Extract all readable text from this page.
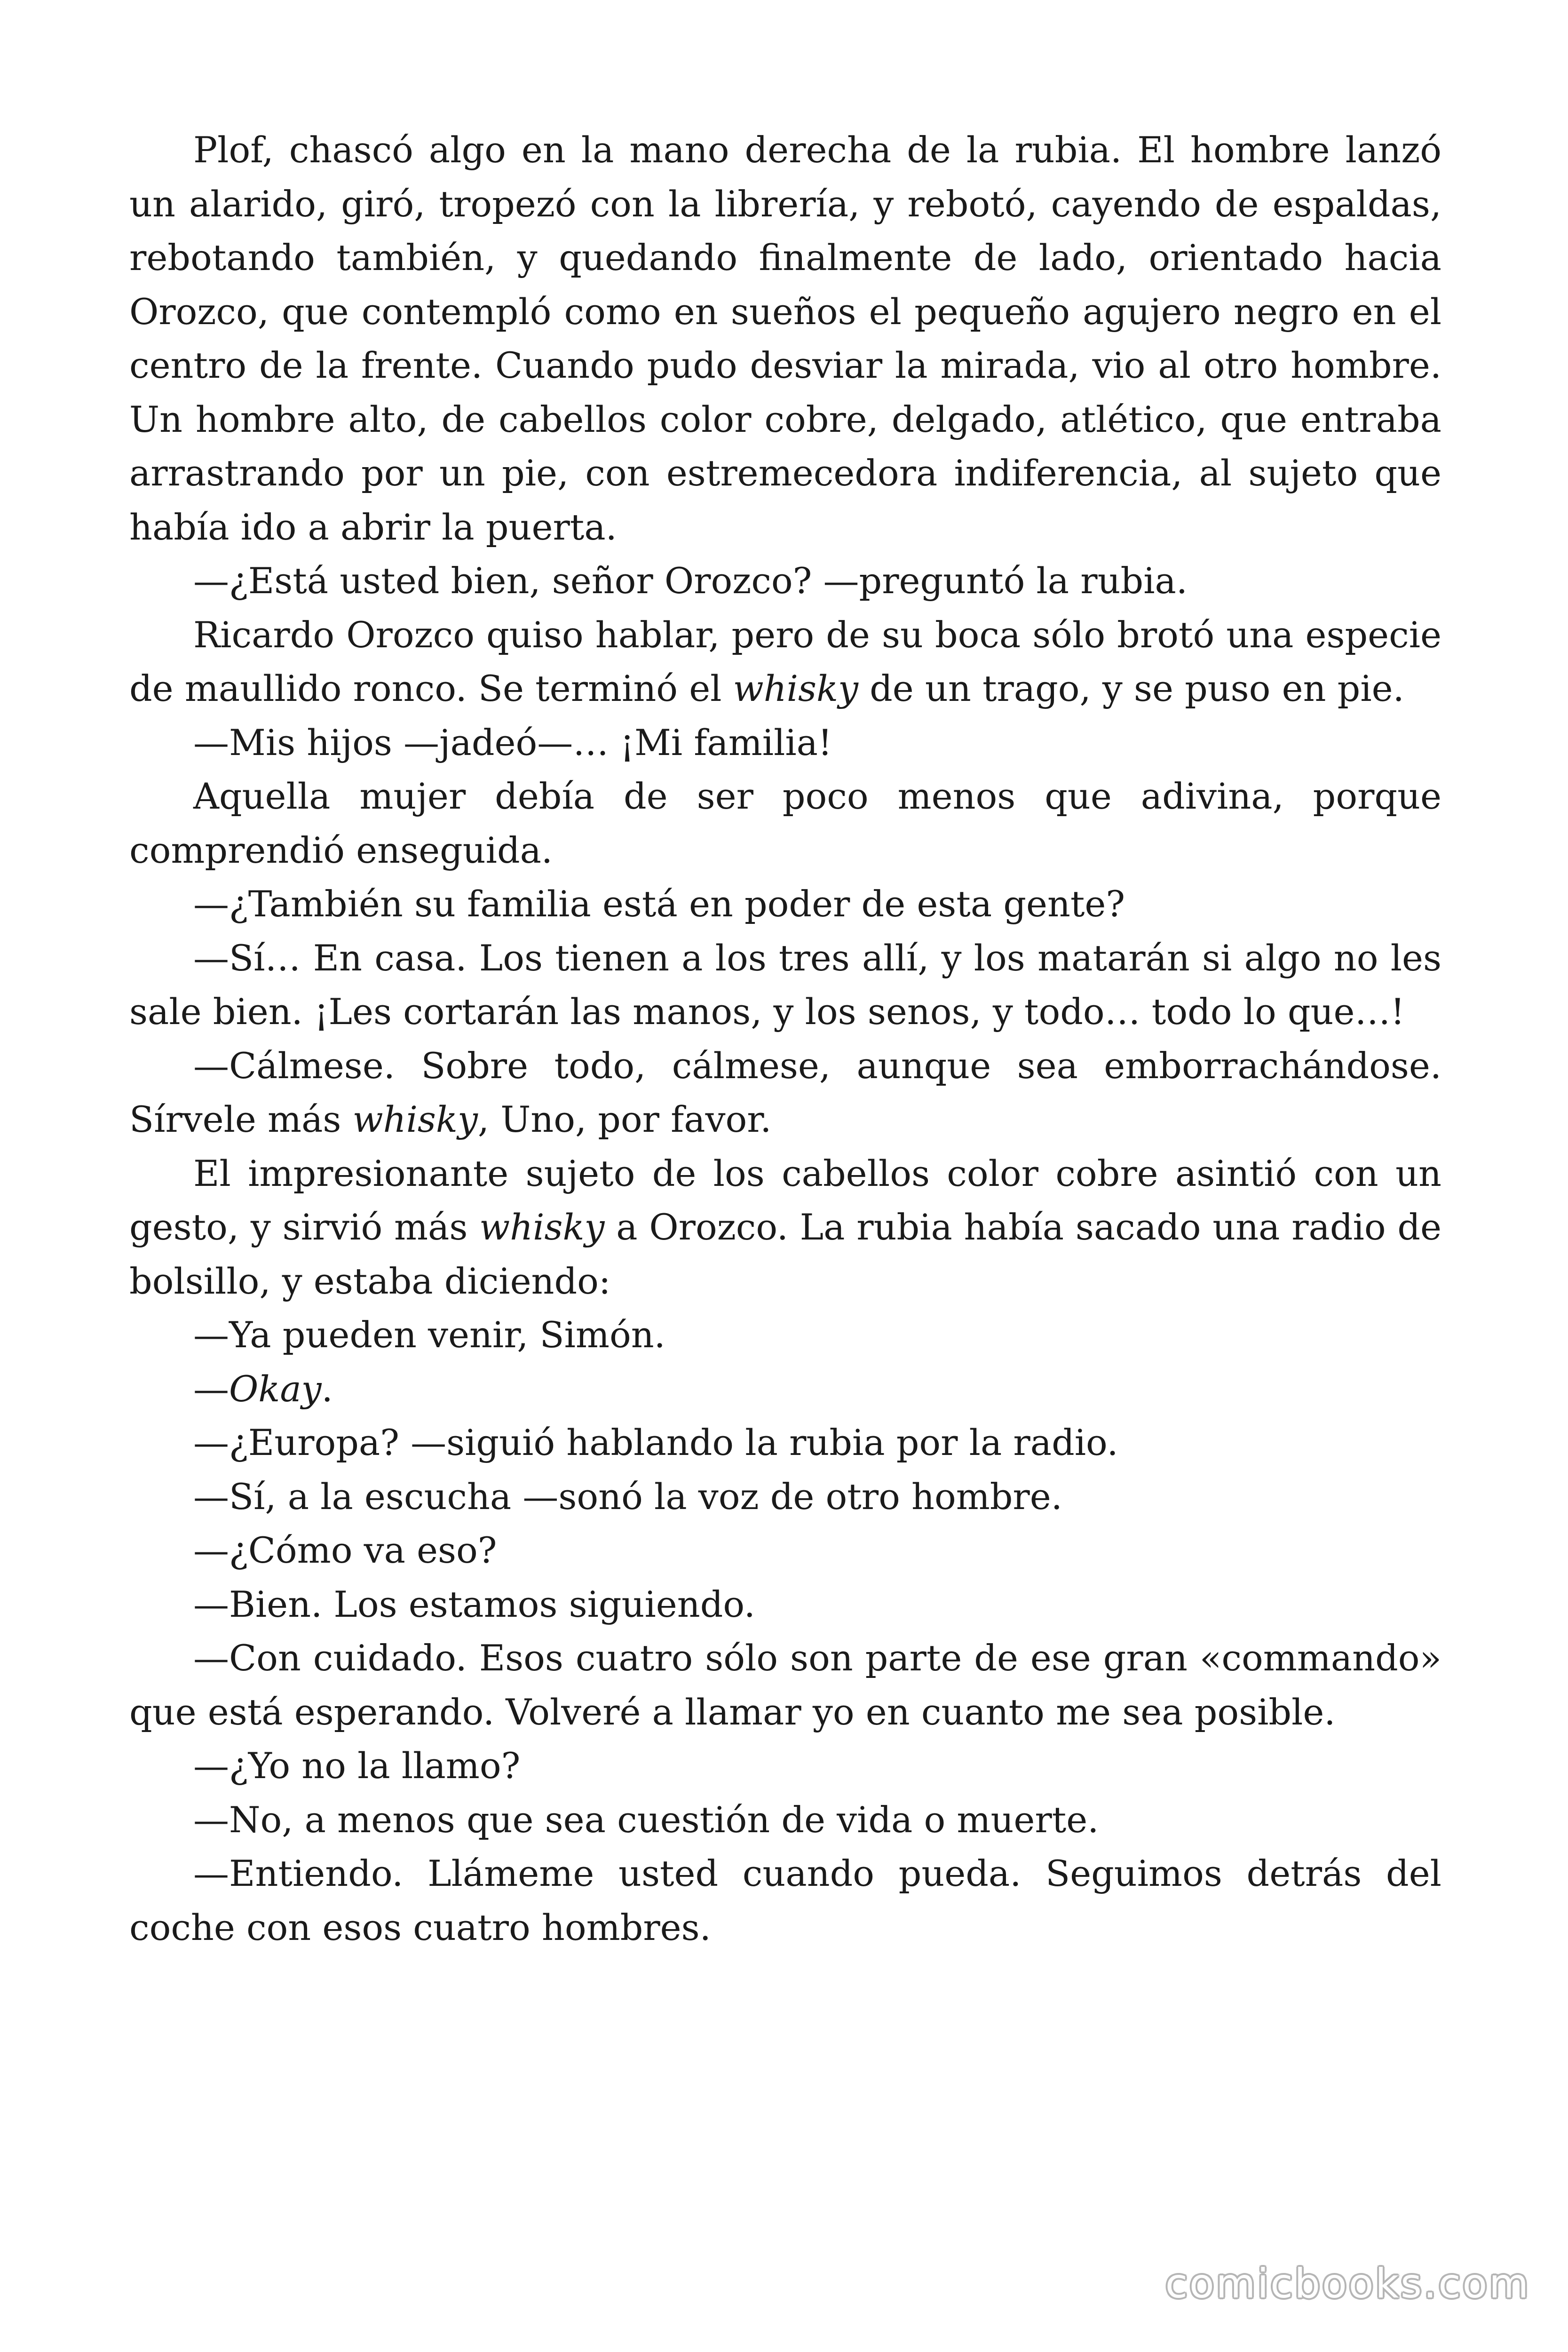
Plof, chascó algo en la mano derecha de la rubia. El hombre lanzó un alarido, giró, tropezó con la librería, y rebotó, cayendo de espaldas, rebotando también, y quedando finalmente de lado, orientado hacia Orozco, que contempló como en sueños el pequeño agujero negro en el centro de la frente. Cuando pudo desviar la mirada, vio al otro hombre. Un hombre alto, de cabellos color cobre, delgado, atlético, que entraba arrastrando por un pie, con estremecedora indiferencia, al sujeto que había ido a abrir la puerta.

—¿Está usted bien, señor Orozco? —preguntó la rubia.

Ricardo Orozco quiso hablar, pero de su boca sólo brotó una especie de maullido ronco. Se terminó el whisky de un trago, y se puso en pie.

—Mis hijos —jadeó—… ¡Mi familia!

Aquella mujer debía de ser poco menos que adivina, porque comprendió enseguida.

—¿También su familia está en poder de esta gente?

—Sí… En casa. Los tienen a los tres allí, y los matarán si algo no les sale bien. ¡Les cortarán las manos, y los senos, y todo… todo lo que…!

—Cálmese. Sobre todo, cálmese, aunque sea emborrachándose. Sírvele más whisky, Uno, por favor.

El impresionante sujeto de los cabellos color cobre asintió con un gesto, y sirvió más whisky a Orozco. La rubia había sacado una radio de bolsillo, y estaba diciendo:

—Ya pueden venir, Simón.

—Okay.

—¿Europa? —siguió hablando la rubia por la radio.

—Sí, a la escucha —sonó la voz de otro hombre.

—¿Cómo va eso?

—Bien. Los estamos siguiendo.

—Con cuidado. Esos cuatro sólo son parte de ese gran «commando» que está esperando. Volveré a llamar yo en cuanto me sea posible.

—¿Yo no la llamo?

—No, a menos que sea cuestión de vida o muerte.

—Entiendo. Llámeme usted cuando pueda. Seguimos detrás del coche con esos cuatro hombres.

comicbooks.com
